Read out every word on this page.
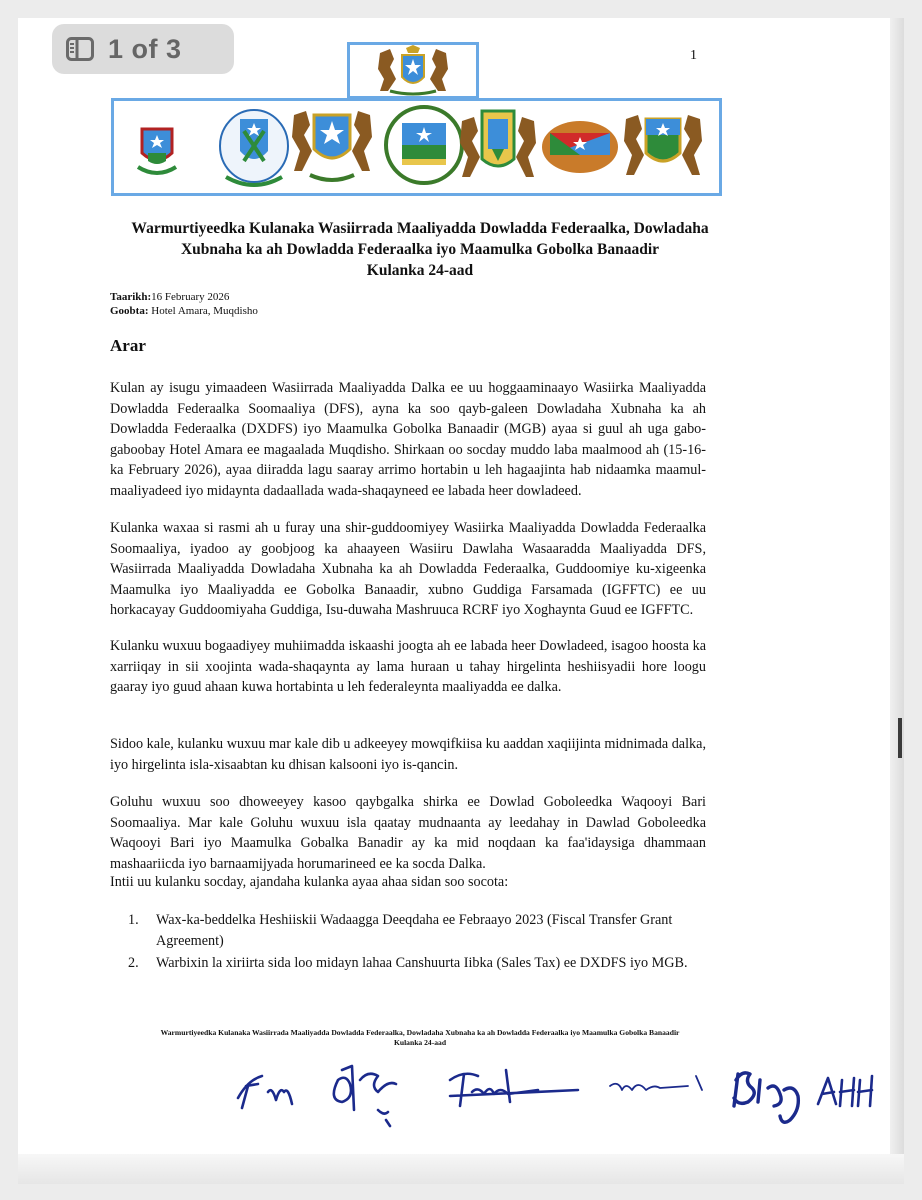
1 of 3	1
Warmurtiyeedka Kulanaka Wasiirrada Maaliyadda Dowladda Federaalka, Dowladaha
Xubnaha ka ah Dowladda Federaalka iyo Maamulka Gobolka Banaadir
Kulanka 24-aad
Taarikh:16 February 2026
Goobta: Hotel Amara, Muqdisho
Arar

Kulan ay isugu yimaadeen Wasiirrada Maaliyadda Dalka ee uu hoggaaminaayo Wasiirka Maaliyadda Dowladda Federaalka Soomaaliya (DFS), ayna ka soo qayb-galeen Dowladaha Xubnaha ka ah Dowladda Federaalka (DXDFS) iyo Maamulka Gobolka Banaadir (MGB) ayaa si guul ah uga gabo-gaboobay Hotel Amara ee magaalada Muqdisho. Shirkaan oo socday muddo laba maalmood ah (15-16-ka February 2026), ayaa diiradda lagu saaray arrimo hortabin u leh hagaajinta hab nidaamka maamul-maaliyadeed iyo midaynta dadaallada wada-shaqayneed ee labada heer dowladeed.

Kulanka waxaa si rasmi ah u furay una shir-guddoomiyey Wasiirka Maaliyadda Dowladda Federaalka Soomaaliya, iyadoo ay goobjoog ka ahaayeen Wasiiru Dawlaha Wasaaradda Maaliyadda DFS, Wasiirrada Maaliyadda Dowladaha Xubnaha ka ah Dowladda Federaalka, Guddoomiye ku-xigeenka Maamulka iyo Maaliyadda ee Gobolka Banaadir, xubno Guddiga Farsamada (IGFFTC) ee uu horkacayay Guddoomiyaha Guddiga, Isu-duwaha Mashruuca RCRF iyo Xoghaynta Guud ee IGFFTC.

Kulanku wuxuu bogaadiyey muhiimadda iskaashi joogta ah ee labada heer Dowladeed, isagoo hoosta ka xarriiqay in sii xoojinta wada-shaqaynta ay lama huraan u tahay hirgelinta heshiisyadii hore loogu gaaray iyo guud ahaan kuwa hortabinta u leh federaleynta maaliyadda ee dalka.

Sidoo kale, kulanku wuxuu mar kale dib u adkeeyey mowqifkiisa ku aaddan xaqiijinta midnimada dalka, iyo hirgelinta isla-xisaabtan ku dhisan kalsooni iyo is-qancin.

Goluhu wuxuu soo dhoweeyey kasoo qaybgalka shirka ee Dowlad Goboleedka Waqooyi Bari Soomaaliya. Mar kale Goluhu wuxuu isla qaatay mudnaanta ay leedahay in Dawlad Goboleedka Waqooyi Bari iyo Maamulka Gobalka Banadir ay ka mid noqdaan ka faa'idaysiga dhammaan mashaariicda iyo barnaamijyada horumarineed ee ka socda Dalka.

Intii uu kulanku socday, ajandaha kulanka ayaa ahaa sidan soo socota:

1. Wax-ka-beddelka Heshiiskii Wadaagga Deeqdaha ee Febraayo 2023 (Fiscal Transfer Grant Agreement)
2. Warbixin la xiriirta sida loo midayn lahaa Canshuurta Iibka (Sales Tax) ee DXDFS iyo MGB.
Warmurtiyeedka Kulanaka Wasiirrada Maaliyadda Dowladda Federaalka, Dowladaha Xubnaha ka ah Dowladda Federaalka iyo Maamulka Gobolka Banaadir
Kulanka 24-aad
